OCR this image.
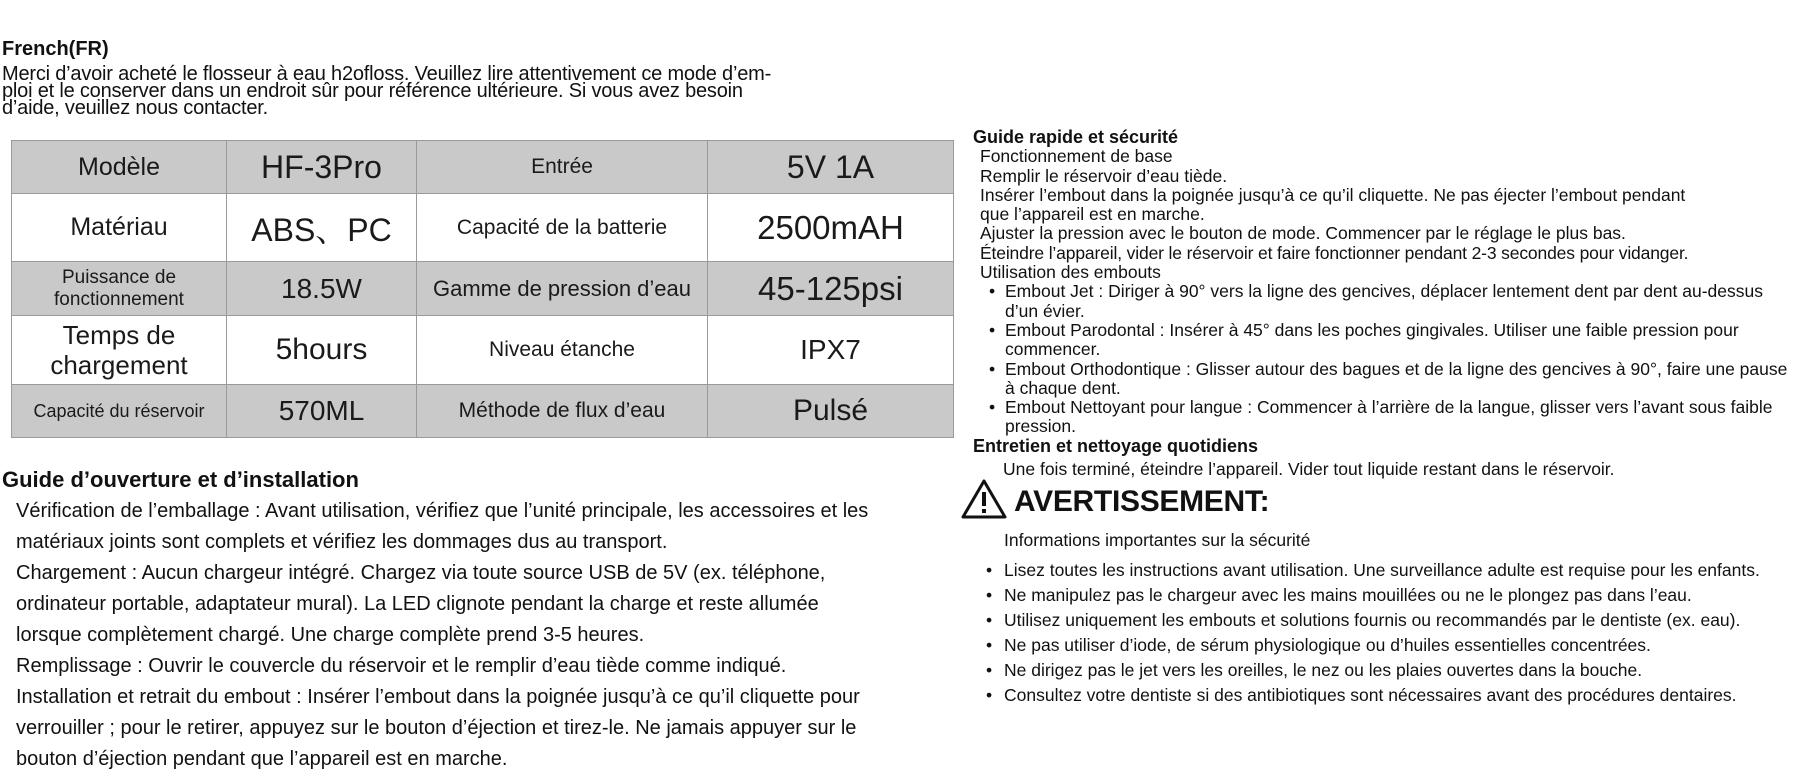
French(FR)
Merci d’avoir acheté le flosseur à eau h2ofloss. Veuillez lire attentivement ce mode d’em-
ploi et le conserver dans un endroit sûr pour référence ultérieure. Si vous avez besoin
d’aide, veuillez nous contacter.
Modèle	HF-3Pro	Entrée	5V 1A
Matériau	ABS、PC	Capacité de la batterie	2500mAH
Puissance de fonctionnement	18.5W	Gamme de pression d’eau	45-125psi
Temps de chargement	5hours	Niveau étanche	IPX7
Capacité du réservoir	570ML	Méthode de flux d’eau	Pulsé
Guide d’ouverture et d’installation
Vérification de l’emballage : Avant utilisation, vérifiez que l’unité principale, les accessoires et les
matériaux joints sont complets et vérifiez les dommages dus au transport.
Chargement : Aucun chargeur intégré. Chargez via toute source USB de 5V (ex. téléphone,
ordinateur portable, adaptateur mural). La LED clignote pendant la charge et reste allumée
lorsque complètement chargé. Une charge complète prend 3-5 heures.
Remplissage : Ouvrir le couvercle du réservoir et le remplir d’eau tiède comme indiqué.
Installation et retrait du embout : Insérer l’embout dans la poignée jusqu’à ce qu’il cliquette pour
verrouiller ; pour le retirer, appuyez sur le bouton d’éjection et tirez-le. Ne jamais appuyer sur le
bouton d’éjection pendant que l’appareil est en marche.
Guide rapide et sécurité
Fonctionnement de base
Remplir le réservoir d’eau tiède.
Insérer l’embout dans la poignée jusqu’à ce qu’il cliquette. Ne pas éjecter l’embout pendant
que l’appareil est en marche.
Ajuster la pression avec le bouton de mode. Commencer par le réglage le plus bas.
Éteindre l’appareil, vider le réservoir et faire fonctionner pendant 2-3 secondes pour vidanger.
Utilisation des embouts
• Embout Jet : Diriger à 90° vers la ligne des gencives, déplacer lentement dent par dent au-dessus d’un évier.
• Embout Parodontal : Insérer à 45° dans les poches gingivales. Utiliser une faible pression pour commencer.
• Embout Orthodontique : Glisser autour des bagues et de la ligne des gencives à 90°, faire une pause à chaque dent.
• Embout Nettoyant pour langue : Commencer à l’arrière de la langue, glisser vers l’avant sous faible pression.
Entretien et nettoyage quotidiens
Une fois terminé, éteindre l’appareil. Vider tout liquide restant dans le réservoir.
AVERTISSEMENT:
Informations importantes sur la sécurité
• Lisez toutes les instructions avant utilisation. Une surveillance adulte est requise pour les enfants.
• Ne manipulez pas le chargeur avec les mains mouillées ou ne le plongez pas dans l’eau.
• Utilisez uniquement les embouts et solutions fournis ou recommandés par le dentiste (ex. eau).
• Ne pas utiliser d’iode, de sérum physiologique ou d’huiles essentielles concentrées.
• Ne dirigez pas le jet vers les oreilles, le nez ou les plaies ouvertes dans la bouche.
• Consultez votre dentiste si des antibiotiques sont nécessaires avant des procédures dentaires.
